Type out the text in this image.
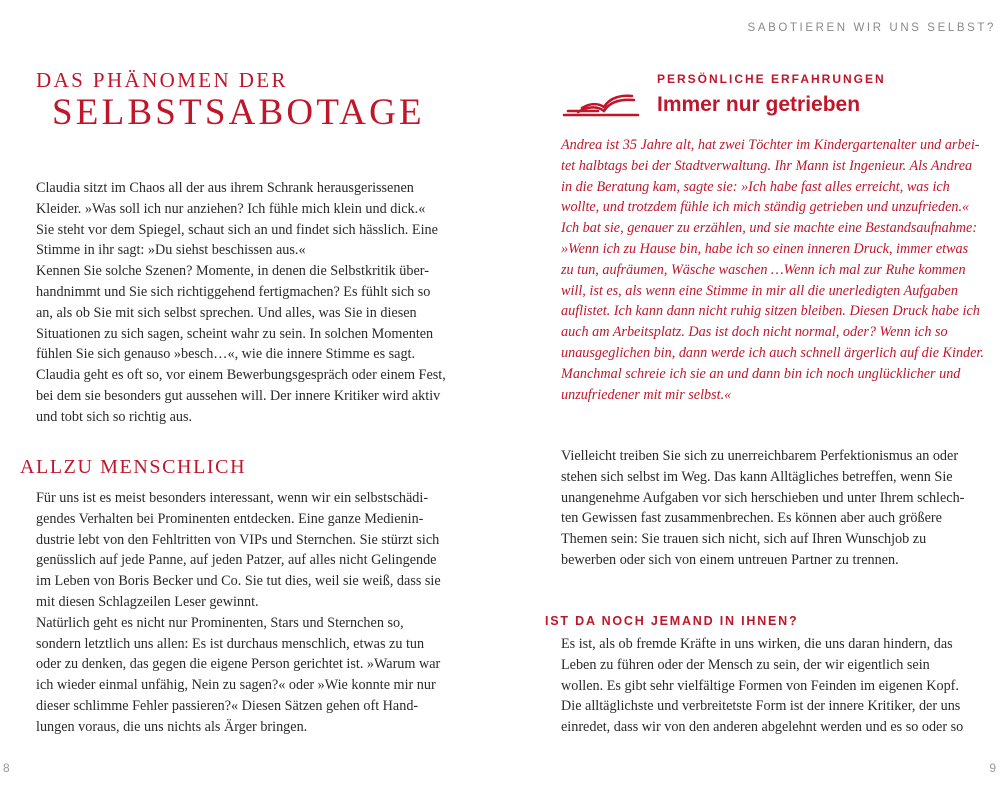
SABOTIEREN WIR UNS SELBST?
DAS PHÄNOMEN DER
SELBSTSABOTAGE
Claudia sitzt im Chaos all der aus ihrem Schrank herausgerissenen
Kleider. »Was soll ich nur anziehen? Ich fühle mich klein und dick.«
Sie steht vor dem Spiegel, schaut sich an und findet sich hässlich. Eine
Stimme in ihr sagt: »Du siehst beschissen aus.«
Kennen Sie solche Szenen? Momente, in denen die Selbstkritik über-
handnimmt und Sie sich richtiggehend fertigmachen? Es fühlt sich so
an, als ob Sie mit sich selbst sprechen. Und alles, was Sie in diesen
Situationen zu sich sagen, scheint wahr zu sein. In solchen Momenten
fühlen Sie sich genauso »besch…«, wie die innere Stimme es sagt.
Claudia geht es oft so, vor einem Bewerbungsgespräch oder einem Fest,
bei dem sie besonders gut aussehen will. Der innere Kritiker wird aktiv
und tobt sich so richtig aus.
ALLZU MENSCHLICH
Für uns ist es meist besonders interessant, wenn wir ein selbstschädi-
gendes Verhalten bei Prominenten entdecken. Eine ganze Medienin-
dustrie lebt von den Fehltritten von VIPs und Sternchen. Sie stürzt sich
genüsslich auf jede Panne, auf jeden Patzer, auf alles nicht Gelingende
im Leben von Boris Becker und Co. Sie tut dies, weil sie weiß, dass sie
mit diesen Schlagzeilen Leser gewinnt.
Natürlich geht es nicht nur Prominenten, Stars und Sternchen so,
sondern letztlich uns allen: Es ist durchaus menschlich, etwas zu tun
oder zu denken, das gegen die eigene Person gerichtet ist. »Warum war
ich wieder einmal unfähig, Nein zu sagen?« oder »Wie konnte mir nur
dieser schlimme Fehler passieren?« Diesen Sätzen gehen oft Hand-
lungen voraus, die uns nichts als Ärger bringen.
8
PERSÖNLICHE ERFAHRUNGEN
Immer nur getrieben
Andrea ist 35 Jahre alt, hat zwei Töchter im Kindergartenalter und arbei-
tet halbtags bei der Stadtverwaltung. Ihr Mann ist Ingenieur. Als Andrea
in die Beratung kam, sagte sie: »Ich habe fast alles erreicht, was ich
wollte, und trotzdem fühle ich mich ständig getrieben und unzufrieden.«
Ich bat sie, genauer zu erzählen, und sie machte eine Bestandsaufnahme:
»Wenn ich zu Hause bin, habe ich so einen inneren Druck, immer etwas
zu tun, aufräumen, Wäsche waschen …Wenn ich mal zur Ruhe kommen
will, ist es, als wenn eine Stimme in mir all die unerledigten Aufgaben
auflistet. Ich kann dann nicht ruhig sitzen bleiben. Diesen Druck habe ich
auch am Arbeitsplatz. Das ist doch nicht normal, oder? Wenn ich so
unausgeglichen bin, dann werde ich auch schnell ärgerlich auf die Kinder.
Manchmal schreie ich sie an und dann bin ich noch unglücklicher und
unzufriedener mit mir selbst.«
Vielleicht treiben Sie sich zu unerreichbarem Perfektionismus an oder
stehen sich selbst im Weg. Das kann Alltägliches betreffen, wenn Sie
unangenehme Aufgaben vor sich herschieben und unter Ihrem schlech-
ten Gewissen fast zusammenbrechen. Es können aber auch größere
Themen sein: Sie trauen sich nicht, sich auf Ihren Wunschjob zu
bewerben oder sich von einem untreuen Partner zu trennen.
IST DA NOCH JEMAND IN IHNEN?
Es ist, als ob fremde Kräfte in uns wirken, die uns daran hindern, das
Leben zu führen oder der Mensch zu sein, der wir eigentlich sein
wollen. Es gibt sehr vielfältige Formen von Feinden im eigenen Kopf.
Die alltäglichste und verbreitetste Form ist der innere Kritiker, der uns
einredet, dass wir von den anderen abgelehnt werden und es so oder so
9
